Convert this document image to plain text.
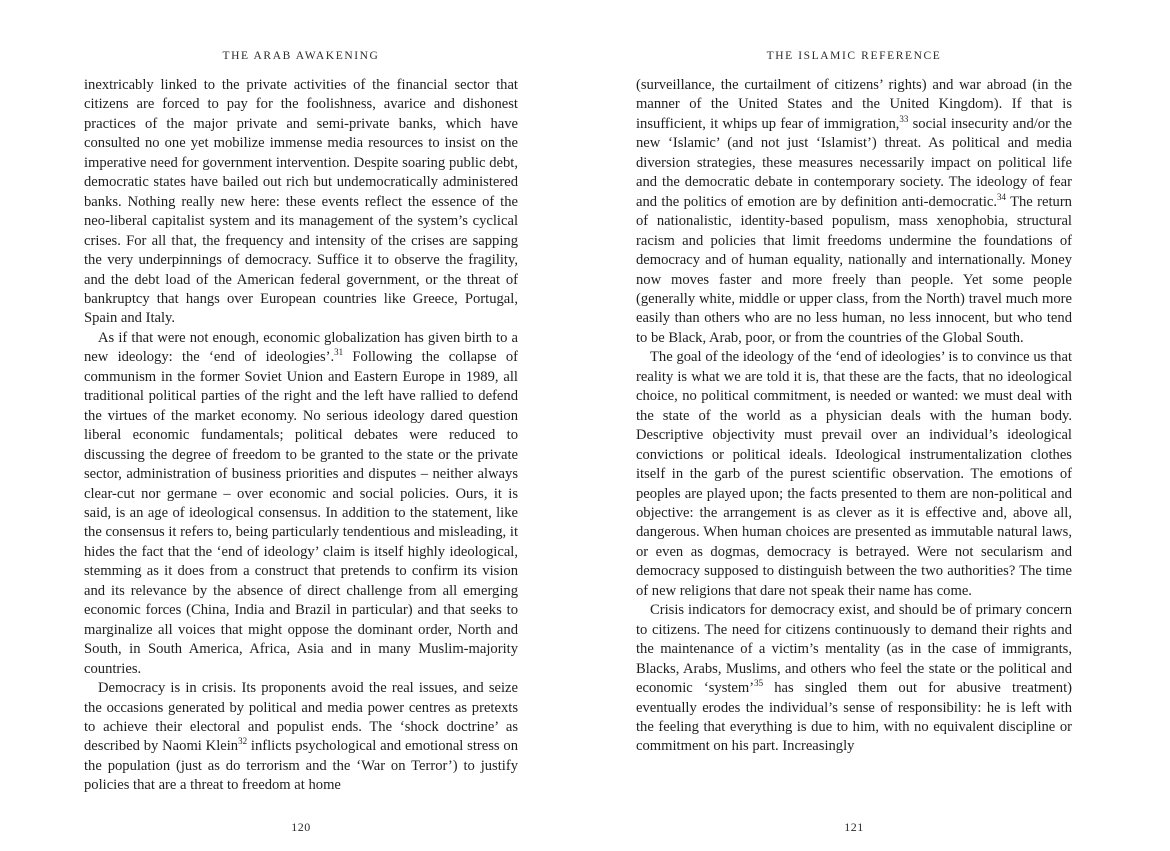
THE ARAB AWAKENING

inextricably linked to the private activities of the financial sector that citizens are forced to pay for the foolishness, avarice and dishonest practices of the major private and semi-private banks, which have consulted no one yet mobilize immense media resources to insist on the imperative need for government intervention. Despite soaring public debt, democratic states have bailed out rich but undemocratically administered banks. Nothing really new here: these events reflect the essence of the neo-liberal capitalist system and its management of the system’s cyclical crises. For all that, the frequency and intensity of the crises are sapping the very underpinnings of democracy. Suffice it to observe the fragility, and the debt load of the American federal government, or the threat of bankruptcy that hangs over European countries like Greece, Portugal, Spain and Italy.

As if that were not enough, economic globalization has given birth to a new ideology: the ‘end of ideologies’.$^{31}$ Following the collapse of communism in the former Soviet Union and Eastern Europe in 1989, all traditional political parties of the right and the left have rallied to defend the virtues of the market economy. No serious ideology dared question liberal economic fundamentals; political debates were reduced to discussing the degree of freedom to be granted to the state or the private sector, administration of business priorities and disputes – neither always clear-cut nor germane – over economic and social policies. Ours, it is said, is an age of ideological consensus. In addition to the statement, like the consensus it refers to, being particularly tendentious and misleading, it hides the fact that the ‘end of ideology’ claim is itself highly ideological, stemming as it does from a construct that pretends to confirm its vision and its relevance by the absence of direct challenge from all emerging economic forces (China, India and Brazil in particular) and that seeks to marginalize all voices that might oppose the dominant order, North and South, in South America, Africa, Asia and in many Muslim-majority countries.

Democracy is in crisis. Its proponents avoid the real issues, and seize the occasions generated by political and media power centres as pretexts to achieve their electoral and populist ends. The ‘shock doctrine’ as described by Naomi Klein$^{32}$ inflicts psychological and emotional stress on the population (just as do terrorism and the ‘War on Terror’) to justify policies that are a threat to freedom at home

120
THE ISLAMIC REFERENCE

(surveillance, the curtailment of citizens’ rights) and war abroad (in the manner of the United States and the United Kingdom). If that is insufficient, it whips up fear of immigration,$^{33}$ social insecurity and/or the new ‘Islamic’ (and not just ‘Islamist’) threat. As political and media diversion strategies, these measures necessarily impact on political life and the democratic debate in contemporary society. The ideology of fear and the politics of emotion are by definition anti-democratic.$^{34}$ The return of nationalistic, identity-based populism, mass xenophobia, structural racism and policies that limit freedoms undermine the foundations of democracy and of human equality, nationally and internationally. Money now moves faster and more freely than people. Yet some people (generally white, middle or upper class, from the North) travel much more easily than others who are no less human, no less innocent, but who tend to be Black, Arab, poor, or from the countries of the Global South.

The goal of the ideology of the ‘end of ideologies’ is to convince us that reality is what we are told it is, that these are the facts, that no ideological choice, no political commitment, is needed or wanted: we must deal with the state of the world as a physician deals with the human body. Descriptive objectivity must prevail over an individual’s ideological convictions or political ideals. Ideological instrumentalization clothes itself in the garb of the purest scientific observation. The emotions of peoples are played upon; the facts presented to them are non-political and objective: the arrangement is as clever as it is effective and, above all, dangerous. When human choices are presented as immutable natural laws, or even as dogmas, democracy is betrayed. Were not secularism and democracy supposed to distinguish between the two authorities? The time of new religions that dare not speak their name has come.

Crisis indicators for democracy exist, and should be of primary concern to citizens. The need for citizens continuously to demand their rights and the maintenance of a victim’s mentality (as in the case of immigrants, Blacks, Arabs, Muslims, and others who feel the state or the political and economic ‘system’$^{35}$ has singled them out for abusive treatment) eventually erodes the individual’s sense of responsibility: he is left with the feeling that everything is due to him, with no equivalent discipline or commitment on his part. Increasingly

121
